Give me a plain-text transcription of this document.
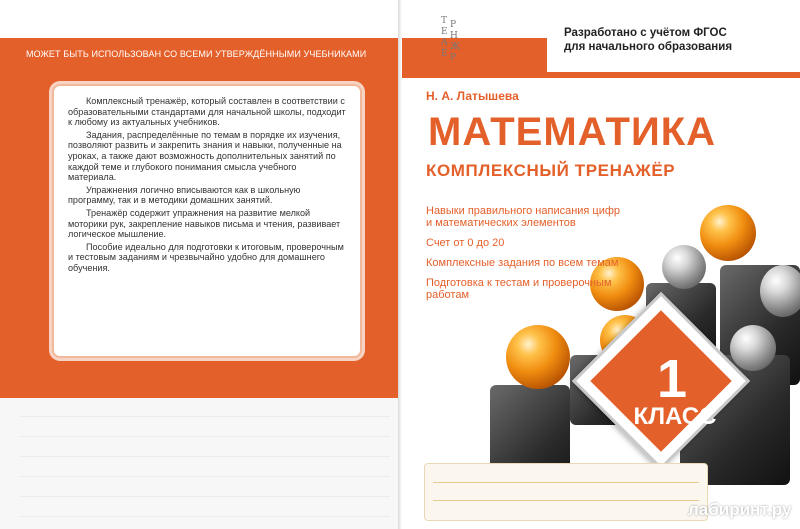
МОЖЕТ БЫТЬ ИСПОЛЬЗОВАН СО ВСЕМИ УТВЕРЖДЁННЫМИ УЧЕБНИКАМИ

Комплексный тренажёр, который составлен в соответствии с образовательными стандартами для начальной школы, подходит к любому из актуальных учебников.

Задания, распределённые по темам в порядке их изучения, позволяют развить и закрепить знания и навыки, полученные на уроках, а также дают возможность дополнительных занятий по каждой теме и глубокого понимания смысла учебного материала.

Упражнения логично вписываются как в школьную программу, так и в методики домашних занятий.

Тренажёр содержит упражнения на развитие мелкой моторики рук, закрепление навыков письма и чтения, развивает логическое мышление.

Пособие идеально для подготовки к итоговым, проверочным и тестовым заданиям и чрезвычайно удобно для домашнего обучения.

Т Р
Е Н
А Ж
Ё Р
Разработано с учётом ФГОС
для начального образования
Н. А. Латышева
МАТЕМАТИКА
КОМПЛЕКСНЫЙ ТРЕНАЖЁР
Навыки правильного написания цифр и математических элементов
Счет от 0 до 20
Комплексные задания по всем темам
Подготовка к тестам и проверочным работам
1
КЛАСС
лабиринт.ру
